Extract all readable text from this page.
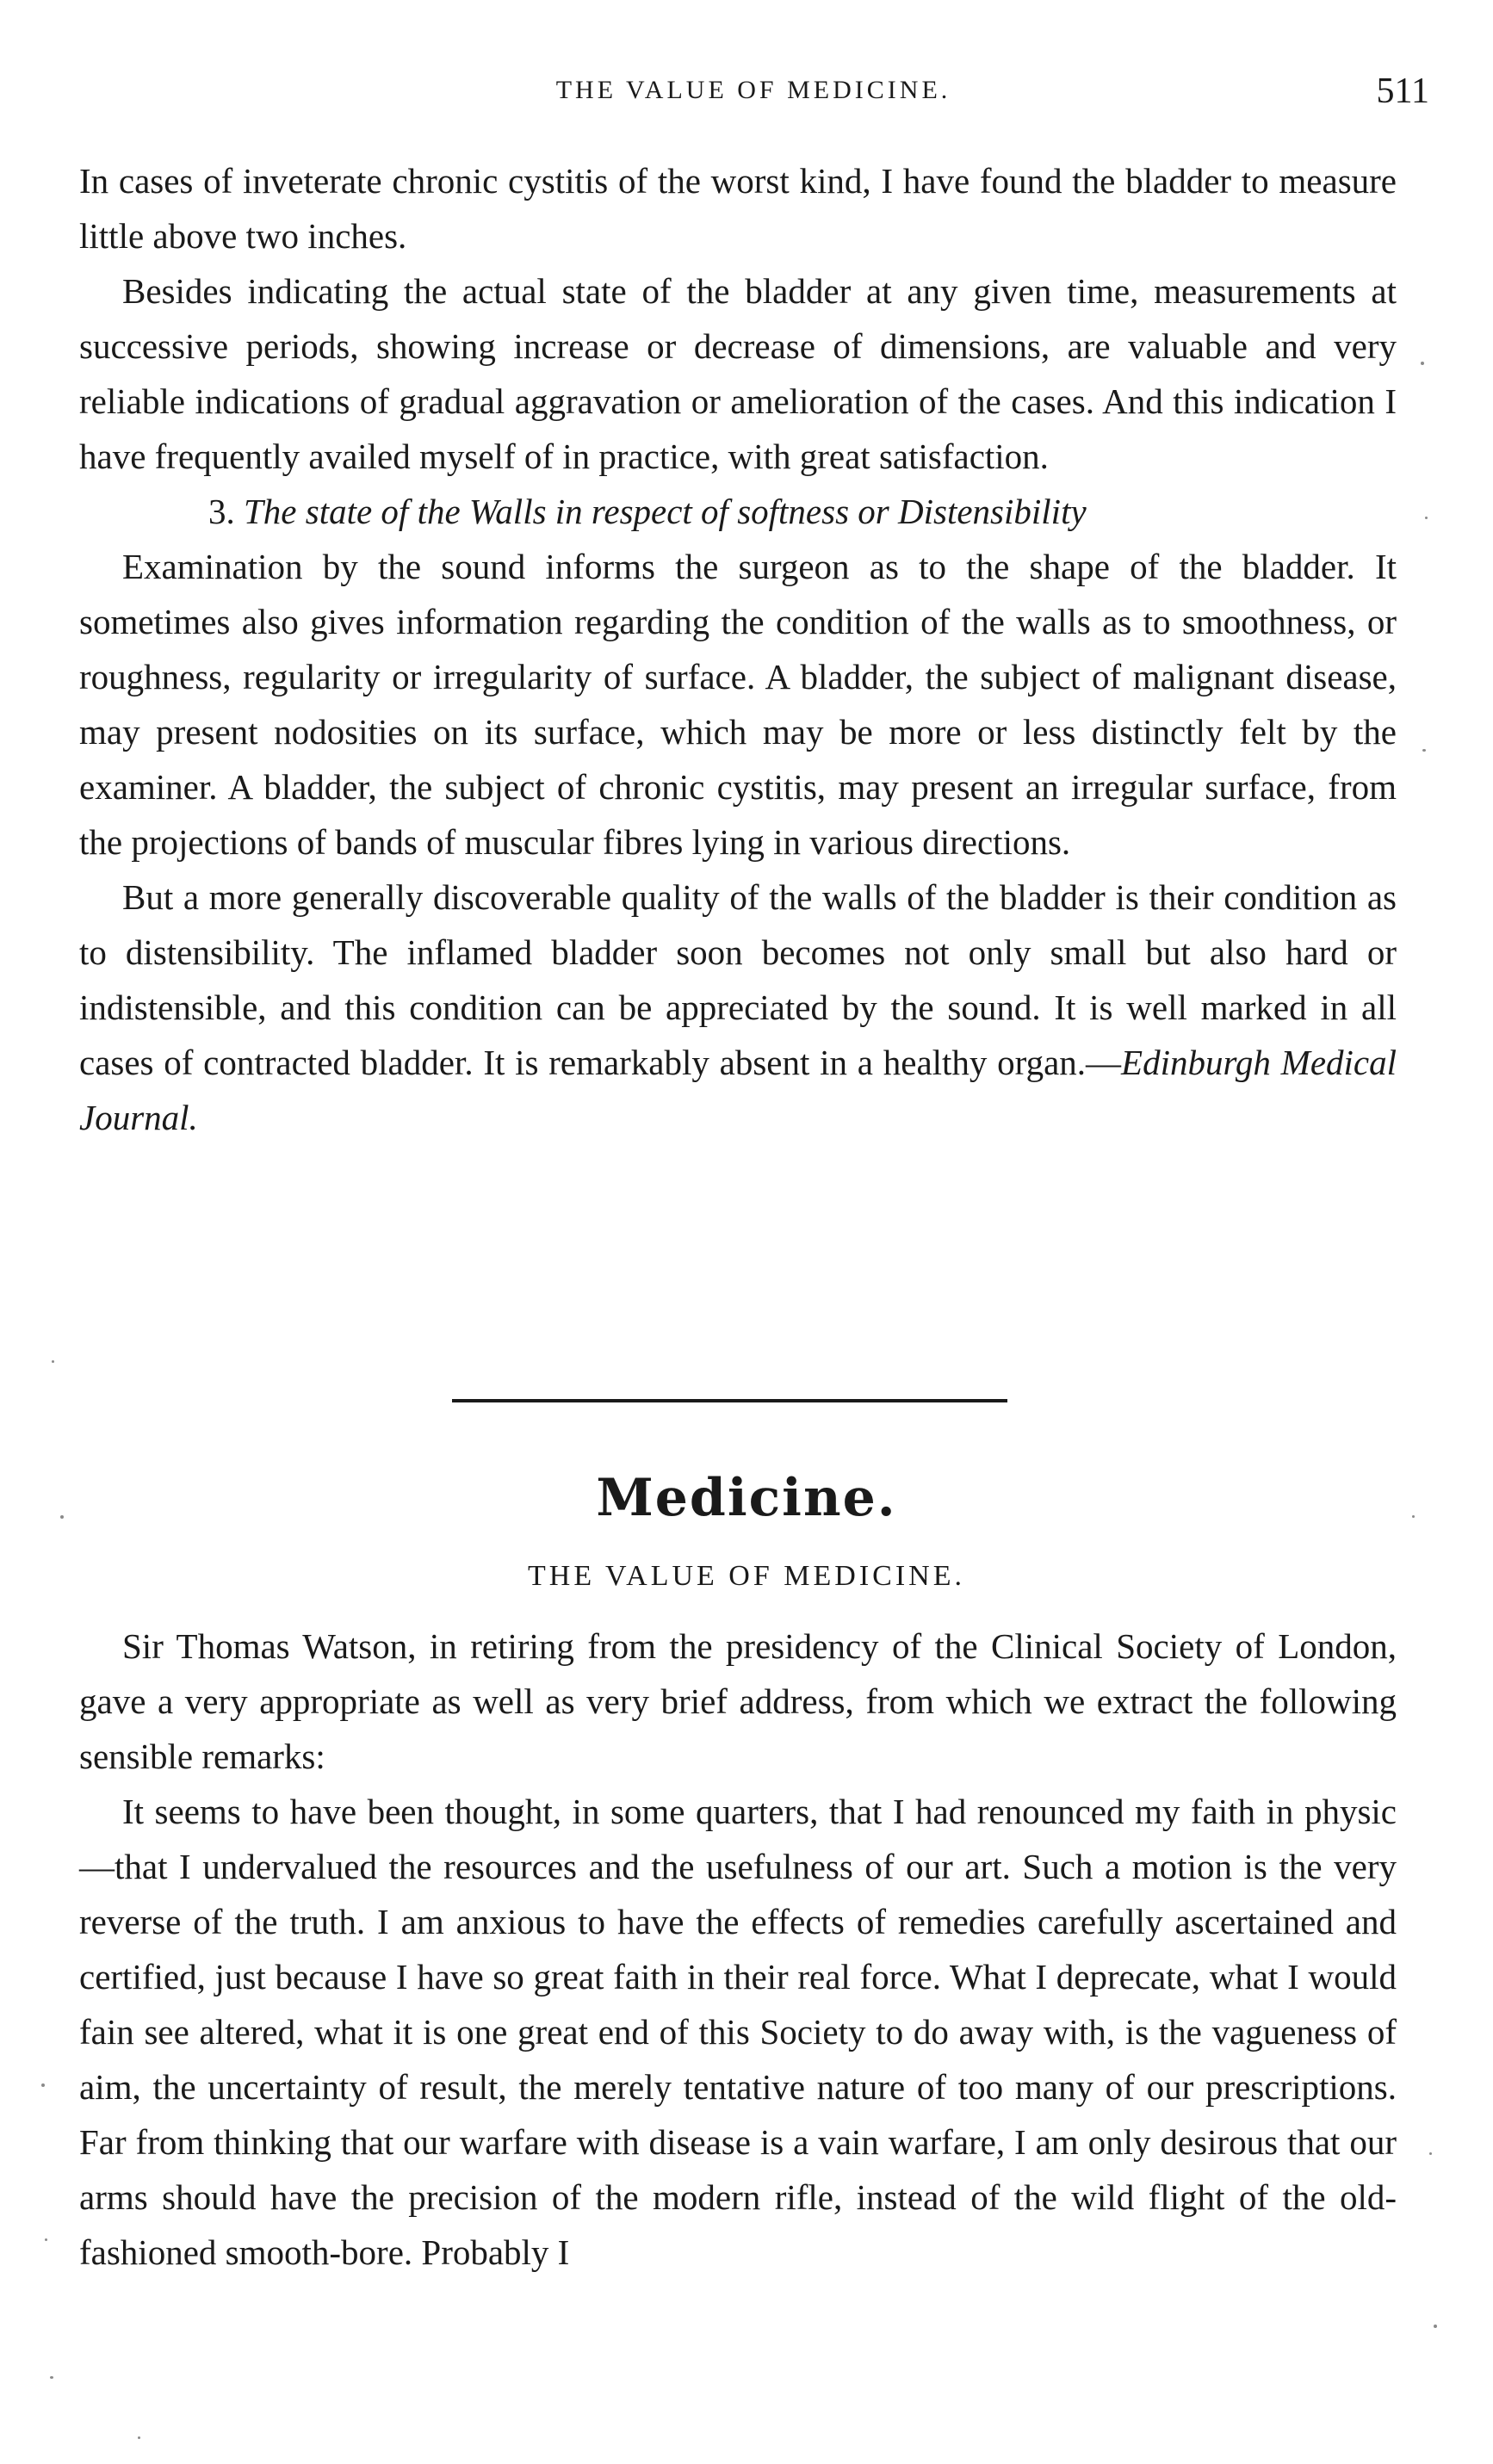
THE VALUE OF MEDICINE.	511

In cases of inveterate chronic cystitis of the worst kind, I have found the bladder to measure little above two inches.

Besides indicating the actual state of the bladder at any given time, measurements at successive periods, showing increase or decrease of dimensions, are valuable and very reliable indications of gradual aggravation or amelioration of the cases. And this indication I have frequently availed myself of in practice, with great satisfaction.

3. The state of the Walls in respect of softness or Distensibility

Examination by the sound informs the surgeon as to the shape of the bladder. It sometimes also gives information regarding the condition of the walls as to smoothness, or roughness, regularity or irregularity of surface. A bladder, the subject of malignant disease, may present nodosities on its surface, which may be more or less distinctly felt by the examiner. A bladder, the subject of chronic cystitis, may present an irregular surface, from the projections of bands of muscular fibres lying in various directions.

But a more generally discoverable quality of the walls of the bladder is their condition as to distensibility. The inflamed bladder soon becomes not only small but also hard or indistensible, and this condition can be appreciated by the sound. It is well marked in all cases of contracted bladder. It is remarkably absent in a healthy organ.—Edinburgh Medical Journal.

Medicine.
THE VALUE OF MEDICINE.

Sir Thomas Watson, in retiring from the presidency of the Clinical Society of London, gave a very appropriate as well as very brief address, from which we extract the following sensible remarks:

It seems to have been thought, in some quarters, that I had renounced my faith in physic—that I undervalued the resources and the usefulness of our art. Such a motion is the very reverse of the truth. I am anxious to have the effects of remedies carefully ascertained and certified, just because I have so great faith in their real force. What I deprecate, what I would fain see altered, what it is one great end of this Society to do away with, is the vagueness of aim, the uncertainty of result, the merely tentative nature of too many of our prescriptions. Far from thinking that our warfare with disease is a vain warfare, I am only desirous that our arms should have the precision of the modern rifle, instead of the wild flight of the old-fashioned smooth-bore. Probably I
